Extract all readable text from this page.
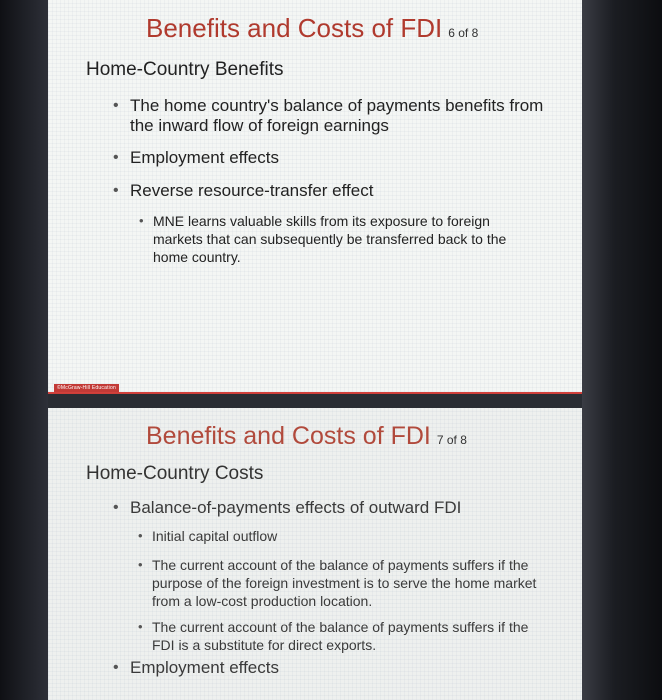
Benefits and Costs of FDI 6 of 8
Home-Country Benefits
• The home country's balance of payments benefits from the inward flow of foreign earnings
• Employment effects
• Reverse resource-transfer effect
• MNE learns valuable skills from its exposure to foreign markets that can subsequently be transferred back to the home country.
©McGraw-Hill Education
Benefits and Costs of FDI 7 of 8
Home-Country Costs
• Balance-of-payments effects of outward FDI
• Initial capital outflow
• The current account of the balance of payments suffers if the purpose of the foreign investment is to serve the home market from a low-cost production location.
• The current account of the balance of payments suffers if the FDI is a substitute for direct exports.
• Employment effects
